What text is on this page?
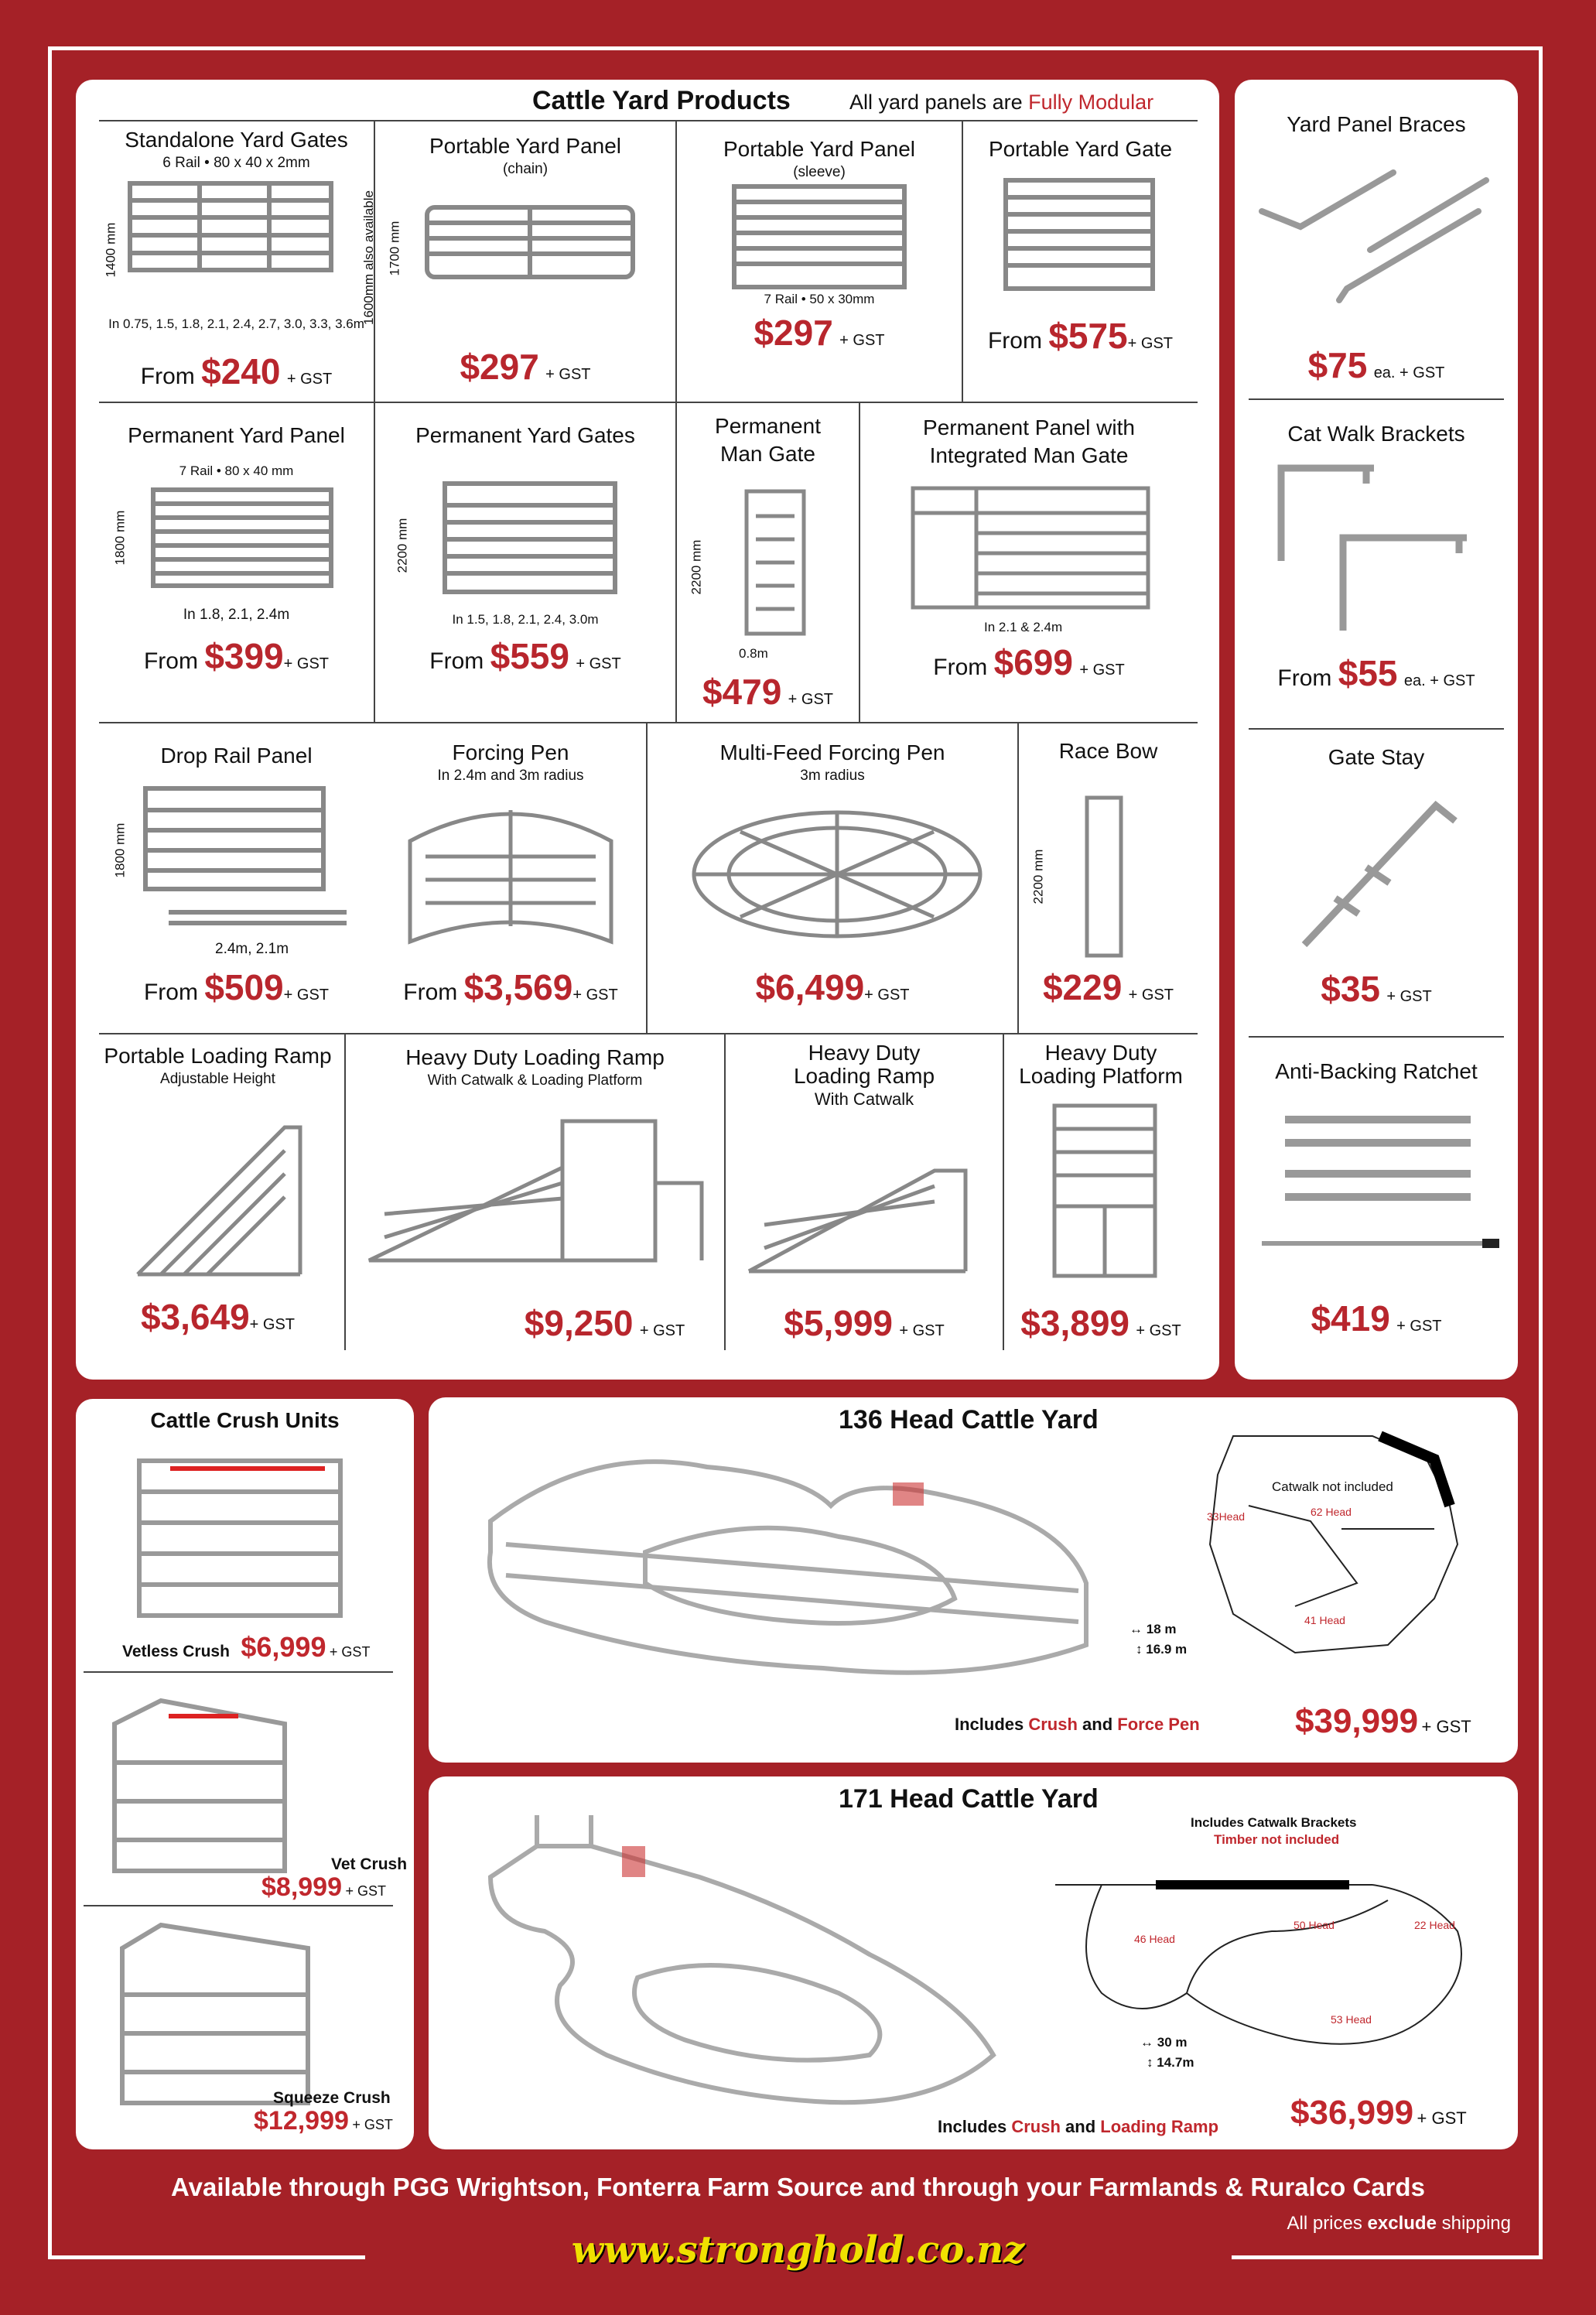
Cattle Yard Products	All yard panels are Fully Modular
Standalone Yard Gates
6 Rail • 80 x 40 x 2mm
1400 mm	1600mm also available
In 0.75, 1.5, 1.8, 2.1, 2.4, 2.7, 3.0, 3.3, 3.6m
From $240 + GST
Portable Yard Panel
(chain)
1700 mm
$297 + GST
Portable Yard Panel
(sleeve)
7 Rail • 50 x 30mm
$297 + GST
Portable Yard Gate
From $575+ GST
Permanent Yard Panel
7 Rail • 80 x 40 mm
1800 mm
In 1.8, 2.1, 2.4m
From $399+ GST
Permanent Yard Gates
2200 mm
In 1.5, 1.8, 2.1, 2.4, 3.0m
From $559 + GST
Permanent
Man Gate
2200 mm
0.8m
$479 + GST
Permanent Panel with
Integrated Man Gate
In 2.1 & 2.4m
From $699 + GST
Drop Rail Panel
1800 mm
2.4m, 2.1m
From $509+ GST
Forcing Pen
In 2.4m and 3m radius
From $3,569+ GST
Multi-Feed Forcing Pen
3m radius
$6,499+ GST
Race Bow
2200 mm
$229 + GST
Portable Loading Ramp
Adjustable Height
$3,649+ GST
Heavy Duty Loading Ramp
With Catwalk & Loading Platform
$9,250 + GST
Heavy Duty
Loading Ramp
With Catwalk
$5,999 + GST
Heavy Duty
Loading Platform
$3,899 + GST
Yard Panel Braces
$75 ea. + GST
Cat Walk Brackets
From $55 ea. + GST
Gate Stay
$35 + GST
Anti-Backing Ratchet
$419 + GST
Cattle Crush Units
Vetless Crush $6,999 + GST
Vet Crush
$8,999 + GST
Squeeze Crush
$12,999 + GST
136 Head Cattle Yard
Catwalk not included
33Head	62 Head
41 Head
↔ 18 m
↕ 16.9 m
Includes Crush and Force Pen	$39,999 + GST
171 Head Cattle Yard
Includes Catwalk Brackets
Timber not included
46 Head
50 Head	22 Head
53 Head
↔ 30 m
↕ 14.7m
Includes Crush and Loading Ramp $36,999 + GST
Available through PGG Wrightson, Fonterra Farm Source and through your Farmlands & Ruralco Cards
All prices exclude shipping
www.stronghold.co.nz
